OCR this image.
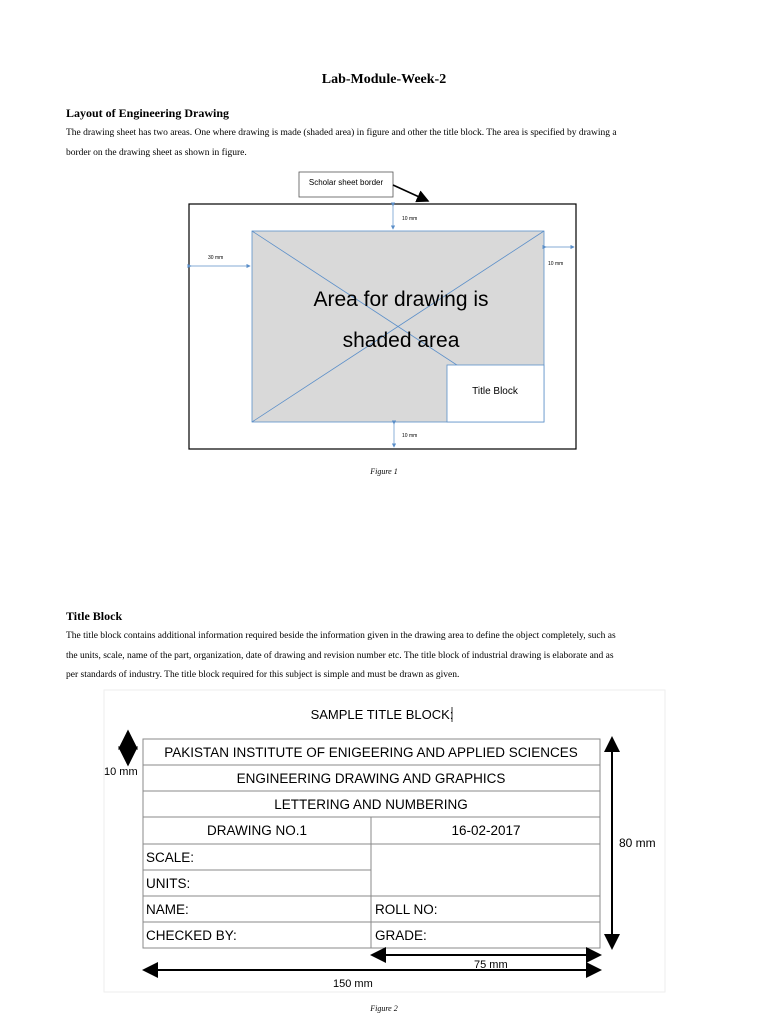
Lab-Module-Week-2
Layout of Engineering Drawing
The drawing sheet has two areas. One where drawing is made (shaded area) in figure and other the title block. The area is specified by drawing a
border on the drawing sheet as shown in figure.
Scholar sheet border
Title Block
Area for drawing is
shaded area
10 mm
30 mm
10 mm
10 mm
Figure 1
Title Block
The title block contains additional information required beside the information given in the drawing area to define the object completely, such as
the units, scale, name of the part, organization, date of drawing and revision number etc. The title block of industrial drawing is elaborate and as
per standards of industry. The title block required for this subject is simple and must be drawn as given.
SAMPLE TITLE BLOCK:
PAKISTAN INSTITUTE OF ENIGEERING AND APPLIED SCIENCES
ENGINEERING DRAWING AND GRAPHICS
LETTERING AND NUMBERING
DRAWING NO.1	16-02-2017
SCALE:
UNITS:
NAME:	ROLL NO:
CHECKED BY:	GRADE:
10 mm
80 mm
75 mm
150 mm
Figure 2
